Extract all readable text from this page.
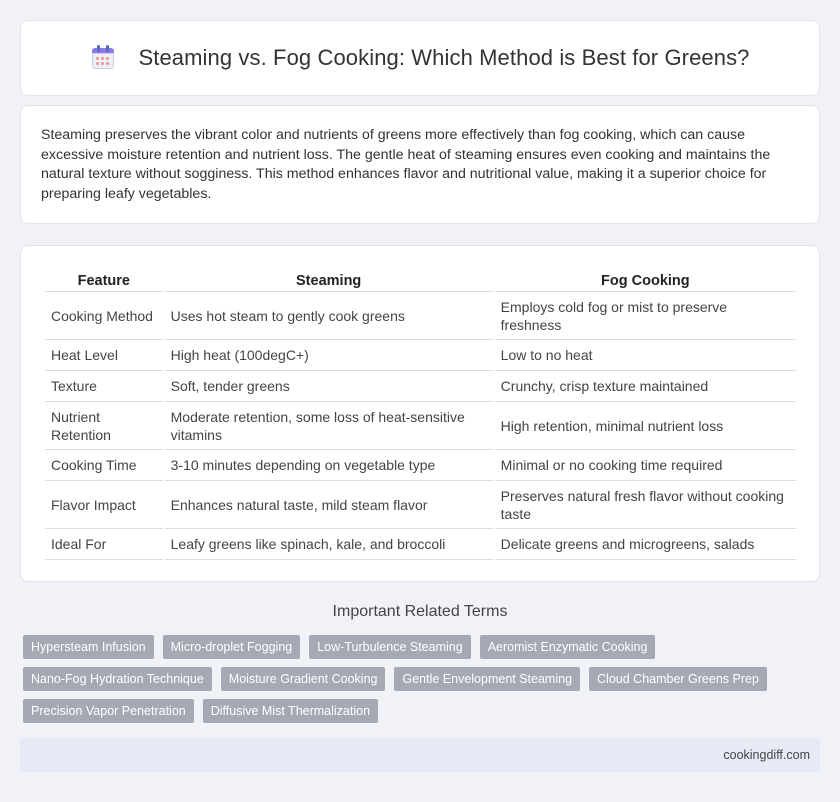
Steaming vs. Fog Cooking: Which Method is Best for Greens?

Steaming preserves the vibrant color and nutrients of greens more effectively than fog cooking, which can cause excessive moisture retention and nutrient loss. The gentle heat of steaming ensures even cooking and maintains the natural texture without sogginess. This method enhances flavor and nutritional value, making it a superior choice for preparing leafy vegetables.

Feature	Steaming	Fog Cooking
Cooking Method	Uses hot steam to gently cook greens	Employs cold fog or mist to preserve freshness
Heat Level	High heat (100degC+)	Low to no heat
Texture	Soft, tender greens	Crunchy, crisp texture maintained
Nutrient Retention	Moderate retention, some loss of heat-sensitive vitamins	High retention, minimal nutrient loss
Cooking Time	3-10 minutes depending on vegetable type	Minimal or no cooking time required
Flavor Impact	Enhances natural taste, mild steam flavor	Preserves natural fresh flavor without cooking taste
Ideal For	Leafy greens like spinach, kale, and broccoli	Delicate greens and microgreens, salads
Important Related Terms
Hypersteam Infusion	Micro-droplet Fogging	Low-Turbulence Steaming	Aeromist Enzymatic Cooking
Nano-Fog Hydration Technique	Moisture Gradient Cooking	Gentle Envelopment Steaming	Cloud Chamber Greens Prep
Precision Vapor Penetration	Diffusive Mist Thermalization
cookingdiff.com
